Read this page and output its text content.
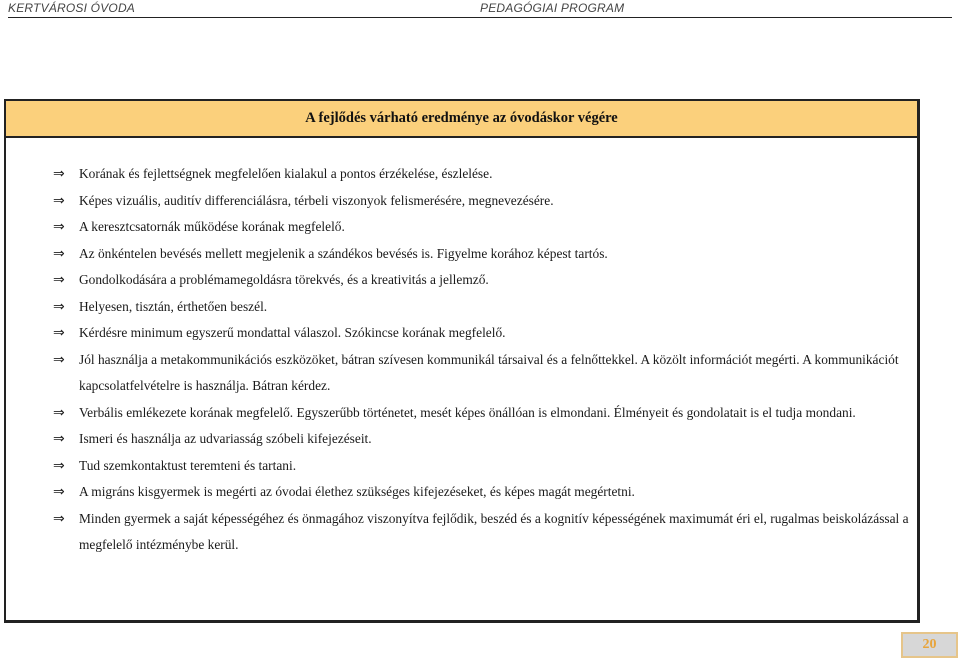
KERTVÁROSI ÓVODA	PEDAGÓGIAI PROGRAM
A fejlődés várható eredménye az óvodáskor végére
⇒ Korának és fejlettségnek megfelelően kialakul a pontos érzékelése, észlelése.
⇒ Képes vizuális, auditív differenciálásra, térbeli viszonyok felismerésére, megnevezésére.
⇒ A keresztcsatornák működése korának megfelelő.
⇒ Az önkéntelen bevésés mellett megjelenik a szándékos bevésés is. Figyelme korához képest tartós.
⇒ Gondolkodására a problémamegoldásra törekvés, és a kreativitás a jellemző.
⇒ Helyesen, tisztán, érthetően beszél.
⇒ Kérdésre minimum egyszerű mondattal válaszol. Szókincse korának megfelelő.
⇒ Jól használja a metakommunikációs eszközöket, bátran szívesen kommunikál társaival és a felnőttekkel. A közölt információt megérti. A kommunikációt kapcsolatfelvételre is használja. Bátran kérdez.
⇒ Verbális emlékezete korának megfelelő. Egyszerűbb történetet, mesét képes önállóan is elmondani. Élményeit és gondolatait is el tudja mondani.
⇒ Ismeri és használja az udvariasság szóbeli kifejezéseit.
⇒ Tud szemkontaktust teremteni és tartani.
⇒ A migráns kisgyermek is megérti az óvodai élethez szükséges kifejezéseket, és képes magát megértetni.
⇒ Minden gyermek a saját képességéhez és önmagához viszonyítva fejlődik, beszéd és a kognitív képességének maximumát éri el, rugalmas beiskolázással a megfelelő intézménybe kerül.
20
